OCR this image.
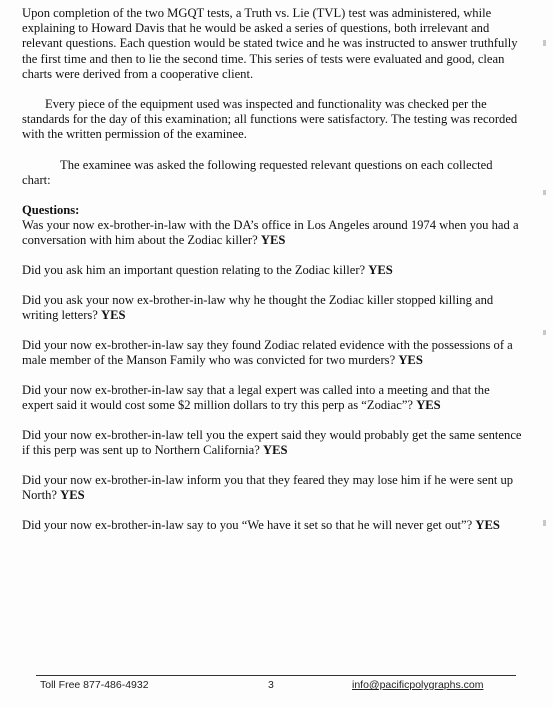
Upon completion of the two MGQT tests, a Truth vs. Lie (TVL) test was administered, while explaining to Howard Davis that he would be asked a series of questions, both irrelevant and relevant questions. Each question would be stated twice and he was instructed to answer truthfully the first time and then to lie the second time. This series of tests were evaluated and good, clean charts were derived from a cooperative client.

Every piece of the equipment used was inspected and functionality was checked per the standards for the day of this examination; all functions were satisfactory. The testing was recorded with the written permission of the examinee.

The examinee was asked the following requested relevant questions on each collected chart:

Questions:

Was your now ex-brother-in-law with the DA’s office in Los Angeles around 1974 when you had a conversation with him about the Zodiac killer? YES
Did you ask him an important question relating to the Zodiac killer? YES
Did you ask your now ex-brother-in-law why he thought the Zodiac killer stopped killing and writing letters? YES
Did your now ex-brother-in-law say they found Zodiac related evidence with the possessions of a male member of the Manson Family who was convicted for two murders? YES
Did your now ex-brother-in-law say that a legal expert was called into a meeting and that the expert said it would cost some $2 million dollars to try this perp as “Zodiac”? YES
Did your now ex-brother-in-law tell you the expert said they would probably get the same sentence if this perp was sent up to Northern California? YES
Did your now ex-brother-in-law inform you that they feared they may lose him if he were sent up North? YES
Did your now ex-brother-in-law say to you “We have it set so that he will never get out”? YES
Toll Free 877-486-4932	3	info@pacificpolygraphs.com
